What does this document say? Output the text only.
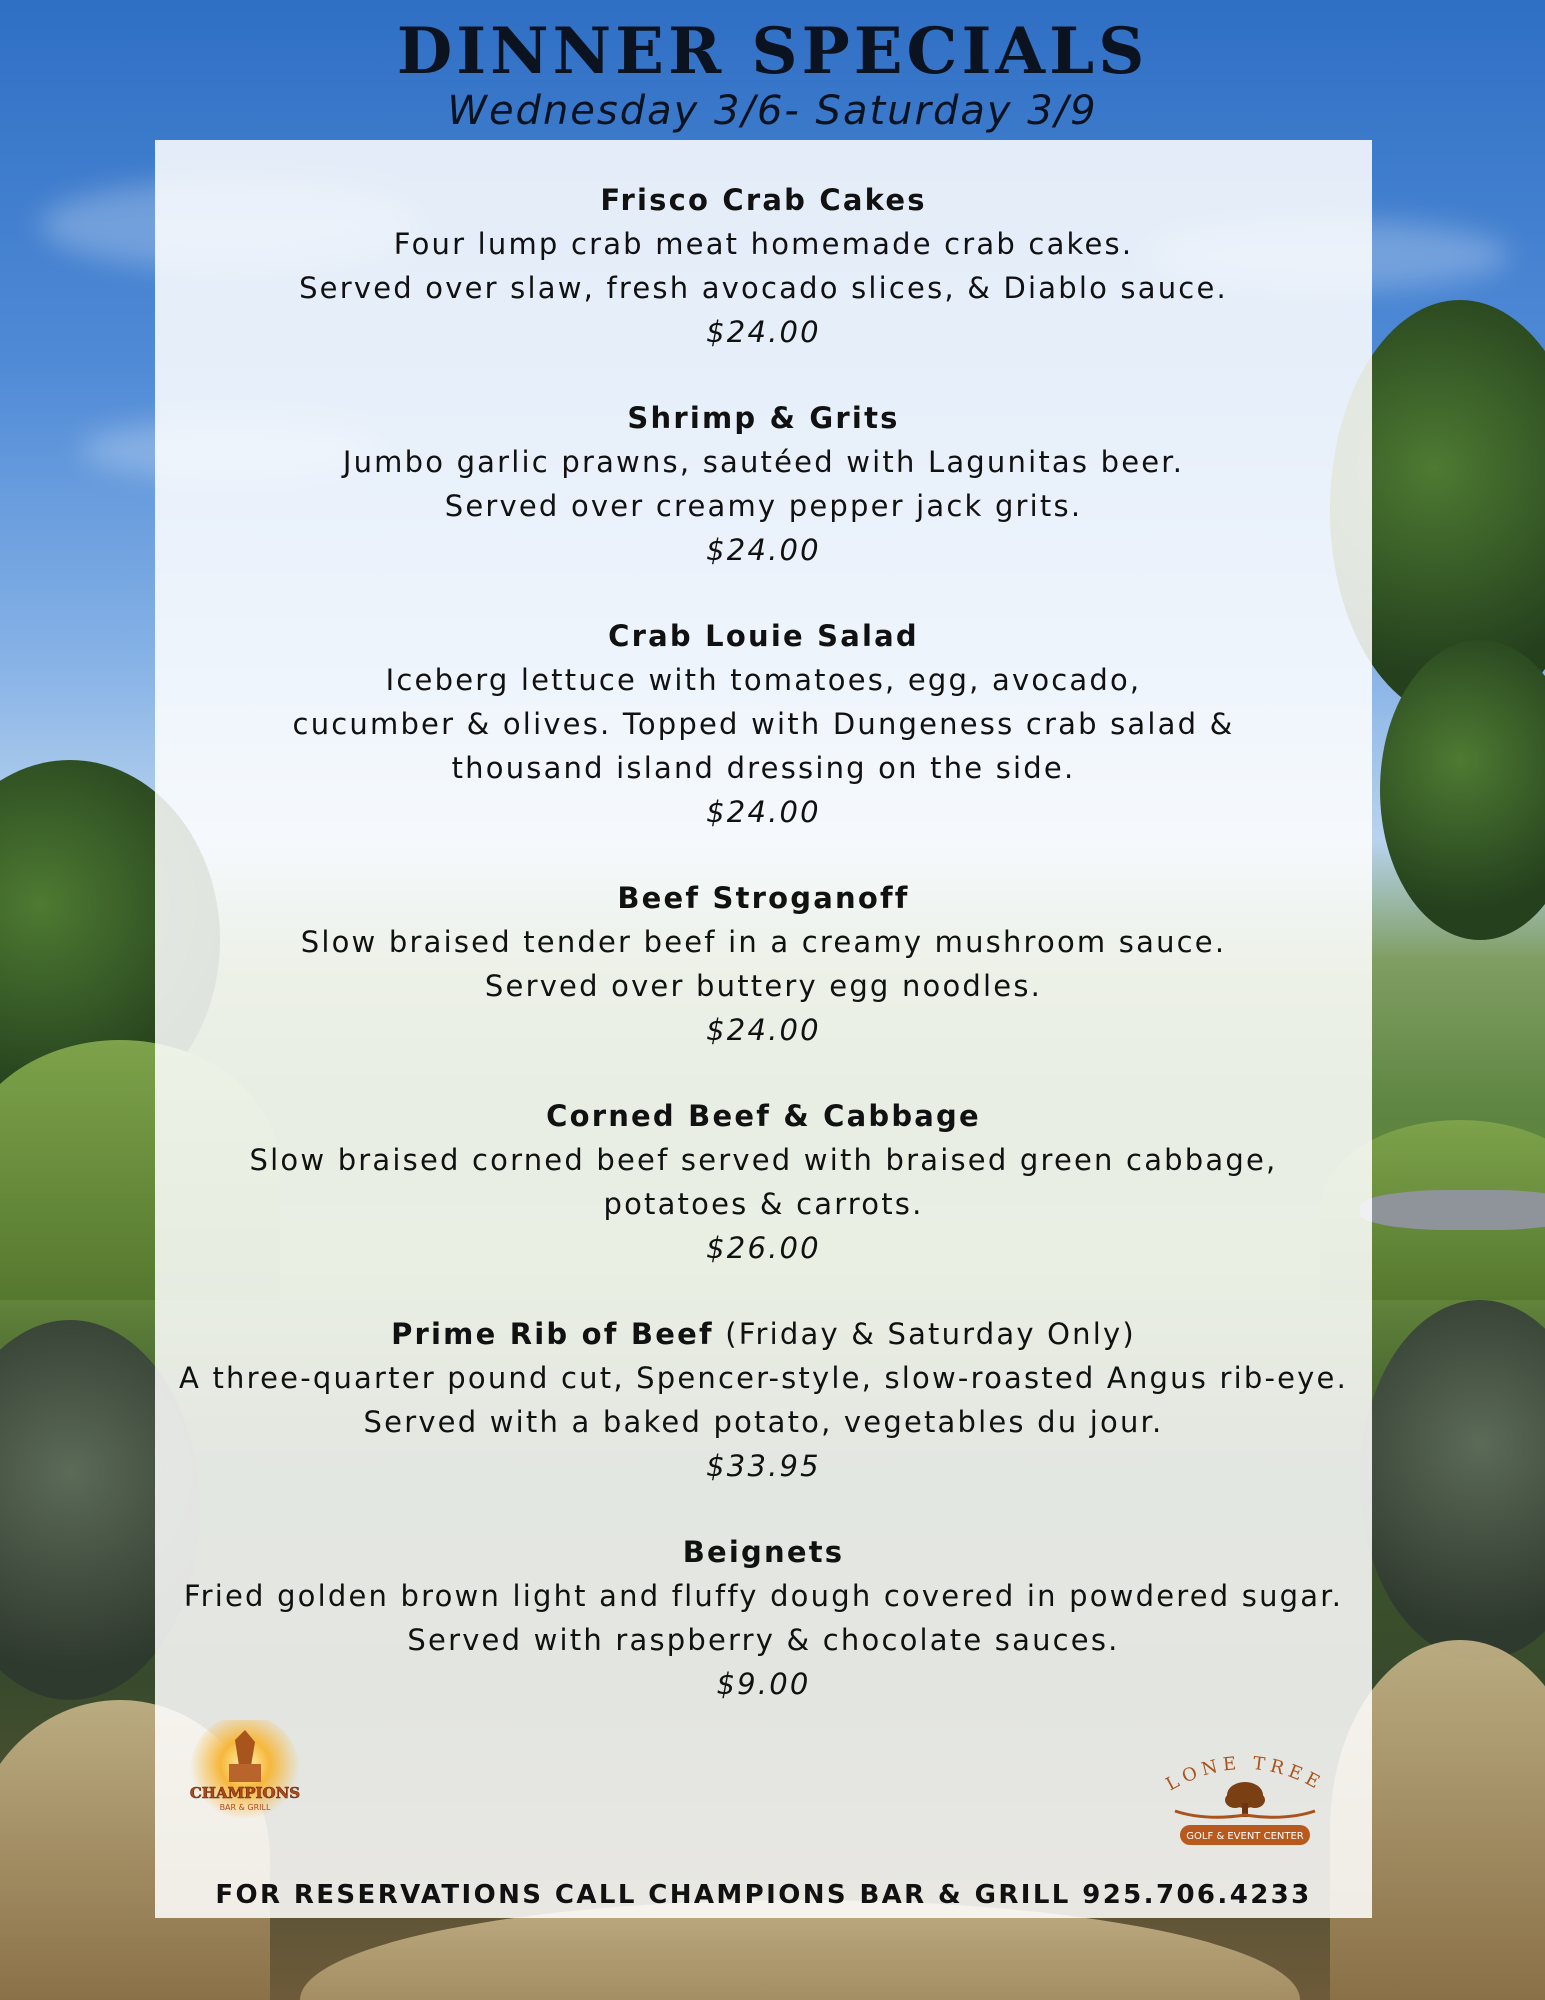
DINNER SPECIALS
Wednesday 3/6- Saturday 3/9
Frisco Crab Cakes
Four lump crab meat homemade crab cakes.
Served over slaw, fresh avocado slices, & Diablo sauce.
$24.00
Shrimp & Grits
Jumbo garlic prawns, sautéed with Lagunitas beer.
Served over creamy pepper jack grits.
$24.00
Crab Louie Salad
Iceberg lettuce with tomatoes, egg, avocado,
cucumber & olives. Topped with Dungeness crab salad &
thousand island dressing on the side.
$24.00
Beef Stroganoff
Slow braised tender beef in a creamy mushroom sauce.
Served over buttery egg noodles.
$24.00
Corned Beef & Cabbage
Slow braised corned beef served with braised green cabbage,
potatoes & carrots.
$26.00
Prime Rib of Beef (Friday & Saturday Only)
A three-quarter pound cut, Spencer-style, slow-roasted Angus rib-eye.
Served with a baked potato, vegetables du jour.
$33.95
Beignets
Fried golden brown light and fluffy dough covered in powdered sugar.
Served with raspberry & chocolate sauces.
$9.00
CHAMPIONS
BAR & GRILL
LONE TREE
GOLF & EVENT CENTER
FOR RESERVATIONS CALL CHAMPIONS BAR & GRILL 925.706.4233
